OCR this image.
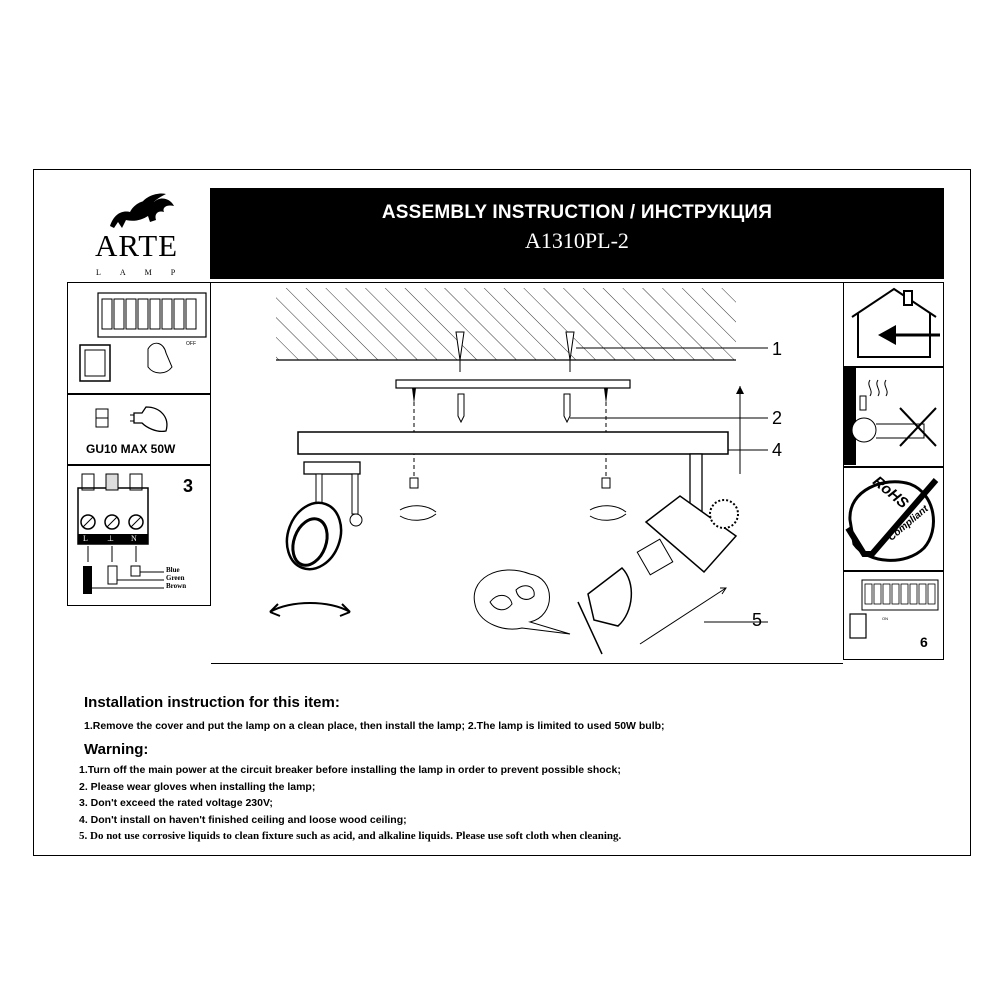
ARTE
LAMP
ASSEMBLY INSTRUCTION / ИНСТРУКЦИЯ
A1310PL-2
OFF
GU10 MAX 50W
3
L ⊥ N
Blue
Green
Brown
1
2
4
5
RoHS
Compliant
ON
6
Installation instruction for this item:
1.Remove the cover and put the lamp on a clean place, then install the lamp; 2.The lamp is limited to used 50W bulb;
Warning:
1.Turn off the main power at the circuit breaker before installing the lamp in order to prevent possible shock;
2. Please wear gloves when installing the lamp;
3. Don't exceed the rated voltage 230V;
4. Don't install on haven't finished ceiling and loose wood ceiling;
5. Do not use corrosive liquids to clean fixture such as acid, and alkaline liquids. Please use soft cloth when cleaning.
